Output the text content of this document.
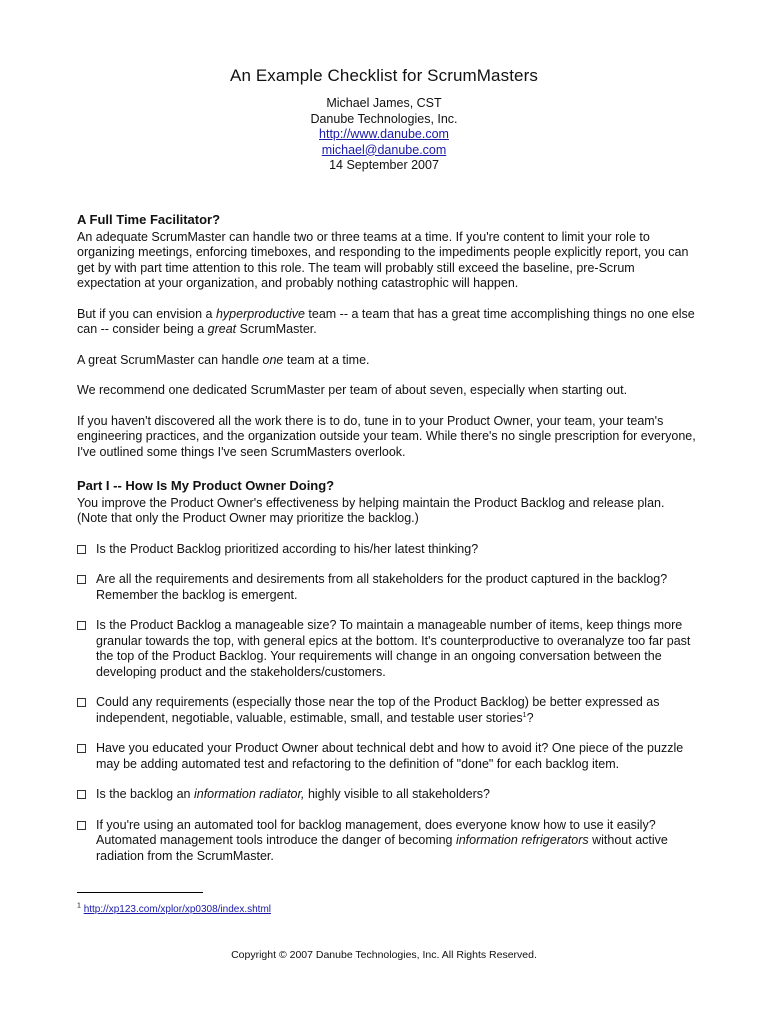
An Example Checklist for ScrumMasters
Michael James, CST
Danube Technologies, Inc.
http://www.danube.com
michael@danube.com
14 September 2007
A Full Time Facilitator?

An adequate ScrumMaster can handle two or three teams at a time. If you're content to limit your role to organizing meetings, enforcing timeboxes, and responding to the impediments people explicitly report, you can get by with part time attention to this role. The team will probably still exceed the baseline, pre-Scrum expectation at your organization, and probably nothing catastrophic will happen.

But if you can envision a hyperproductive team -- a team that has a great time accomplishing things no one else can -- consider being a great ScrumMaster.

A great ScrumMaster can handle one team at a time.

We recommend one dedicated ScrumMaster per team of about seven, especially when starting out.

If you haven't discovered all the work there is to do, tune in to your Product Owner, your team, your team's engineering practices, and the organization outside your team. While there's no single prescription for everyone, I've outlined some things I've seen ScrumMasters overlook.

Part I -- How Is My Product Owner Doing?

You improve the Product Owner's effectiveness by helping maintain the Product Backlog and release plan. (Note that only the Product Owner may prioritize the backlog.)

Is the Product Backlog prioritized according to his/her latest thinking?
Are all the requirements and desirements from all stakeholders for the product captured in the backlog? Remember the backlog is emergent.
Is the Product Backlog a manageable size? To maintain a manageable number of items, keep things more granular towards the top, with general epics at the bottom. It's counterproductive to overanalyze too far past the top of the Product Backlog. Your requirements will change in an ongoing conversation between the developing product and the stakeholders/customers.
Could any requirements (especially those near the top of the Product Backlog) be better expressed as independent, negotiable, valuable, estimable, small, and testable user stories$^1$?
Have you educated your Product Owner about technical debt and how to avoid it? One piece of the puzzle may be adding automated test and refactoring to the definition of "done" for each backlog item.
Is the backlog an information radiator, highly visible to all stakeholders?
If you're using an automated tool for backlog management, does everyone know how to use it easily? Automated management tools introduce the danger of becoming information refrigerators without active radiation from the ScrumMaster.
$^1$ http://xp123.com/xplor/xp0308/index.shtml
Copyright © 2007 Danube Technologies, Inc. All Rights Reserved.
